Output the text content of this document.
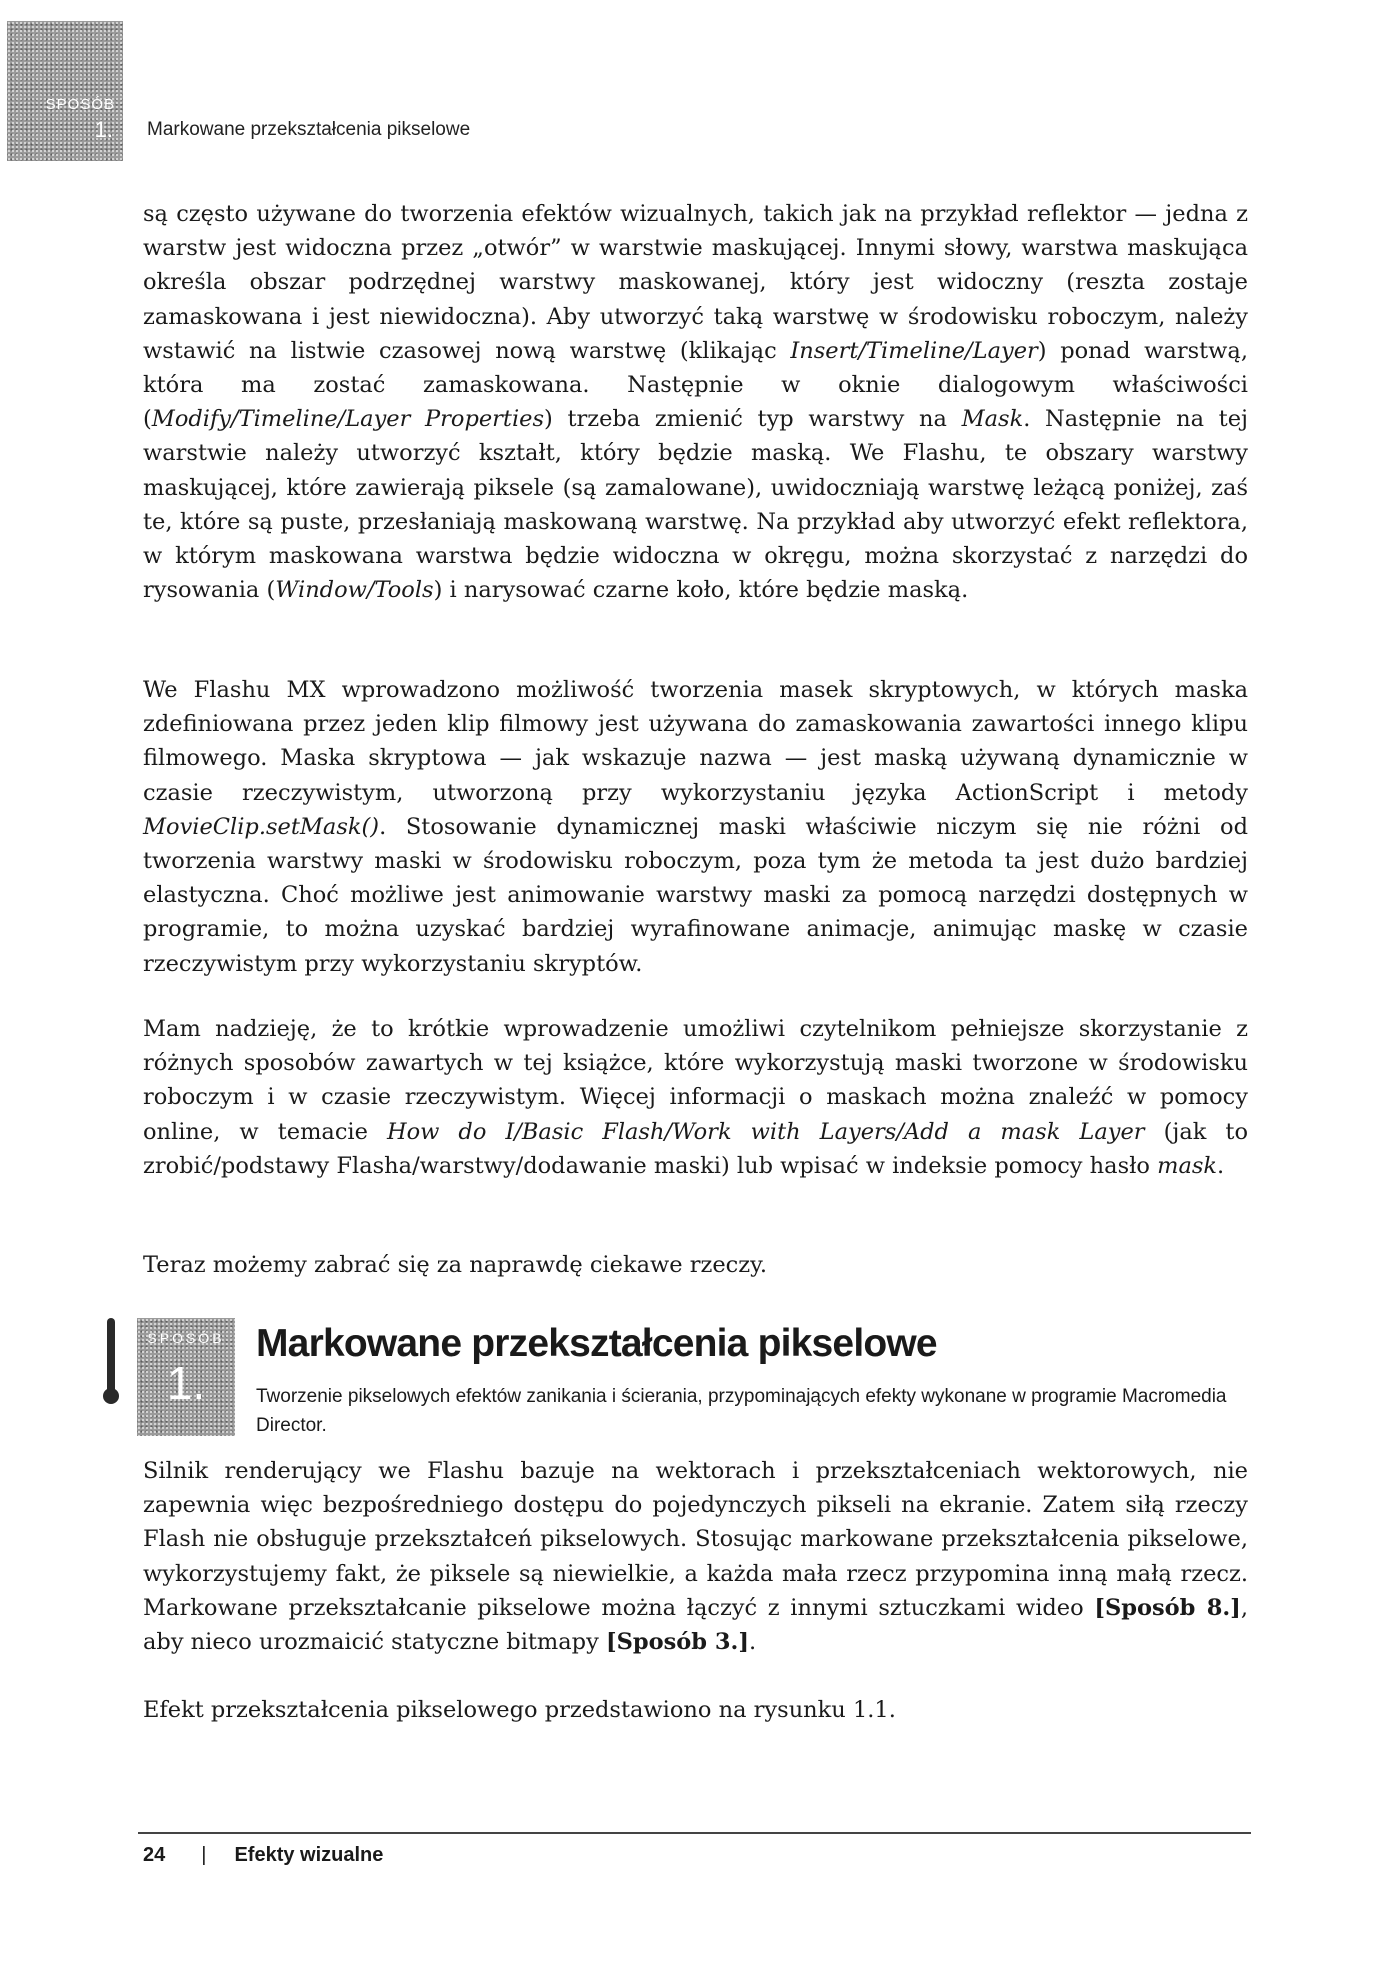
SPOSÓB
1. Markowane przekształcenia pikselowe

są często używane do tworzenia efektów wizualnych, takich jak na przykład reflektor — jedna z warstw jest widoczna przez „otwór” w warstwie maskującej. Innymi słowy, warstwa maskująca określa obszar podrzędnej warstwy maskowanej, który jest widoczny (reszta zostaje zamaskowana i jest niewidoczna). Aby utworzyć taką warstwę w środowisku roboczym, należy wstawić na listwie czasowej nową warstwę (klikając Insert/Timeline/Layer) ponad warstwą, która ma zostać zamaskowana. Następnie w oknie dialogowym właściwości (Modify/Timeline/Layer Properties) trzeba zmienić typ warstwy na Mask. Następnie na tej warstwie należy utworzyć kształt, który będzie maską. We Flashu, te obszary warstwy maskującej, które zawierają piksele (są zamalowane), uwidoczniają warstwę leżącą poniżej, zaś te, które są puste, przesłaniają maskowaną warstwę. Na przykład aby utworzyć efekt reflektora, w którym maskowana warstwa będzie widoczna w okręgu, można skorzystać z narzędzi do rysowania (Window/Tools) i narysować czarne koło, które będzie maską.

We Flashu MX wprowadzono możliwość tworzenia masek skryptowych, w których maska zdefiniowana przez jeden klip filmowy jest używana do zamaskowania zawartości innego klipu filmowego. Maska skryptowa — jak wskazuje nazwa — jest maską używaną dynamicznie w czasie rzeczywistym, utworzoną przy wykorzystaniu języka ActionScript i metody MovieClip.setMask(). Stosowanie dynamicznej maski właściwie niczym się nie różni od tworzenia warstwy maski w środowisku roboczym, poza tym że metoda ta jest dużo bardziej elastyczna. Choć możliwe jest animowanie warstwy maski za pomocą narzędzi dostępnych w programie, to można uzyskać bardziej wyrafinowane animacje, animując maskę w czasie rzeczywistym przy wykorzystaniu skryptów.

Mam nadzieję, że to krótkie wprowadzenie umożliwi czytelnikom pełniejsze skorzystanie z różnych sposobów zawartych w tej książce, które wykorzystują maski tworzone w środowisku roboczym i w czasie rzeczywistym. Więcej informacji o maskach można znaleźć w pomocy online, w temacie How do I/Basic Flash/Work with Layers/Add a mask Layer (jak to zrobić/podstawy Flasha/warstwy/dodawanie maski) lub wpisać w indeksie pomocy hasło mask.

Teraz możemy zabrać się za naprawdę ciekawe rzeczy.

SPOSÓB
1.
Markowane przekształcenia pikselowe
Tworzenie pikselowych efektów zanikania i ścierania, przypominających efekty wykonane w programie Macromedia Director.

Silnik renderujący we Flashu bazuje na wektorach i przekształceniach wektorowych, nie zapewnia więc bezpośredniego dostępu do pojedynczych pikseli na ekranie. Zatem siłą rzeczy Flash nie obsługuje przekształceń pikselowych. Stosując markowane przekształcenia pikselowe, wykorzystujemy fakt, że piksele są niewielkie, a każda mała rzecz przypomina inną małą rzecz. Markowane przekształcanie pikselowe można łączyć z innymi sztuczkami wideo [Sposób 8.], aby nieco urozmaicić statyczne bitmapy [Sposób 3.].

Efekt przekształcenia pikselowego przedstawiono na rysunku 1.1.

24 | Efekty wizualne
